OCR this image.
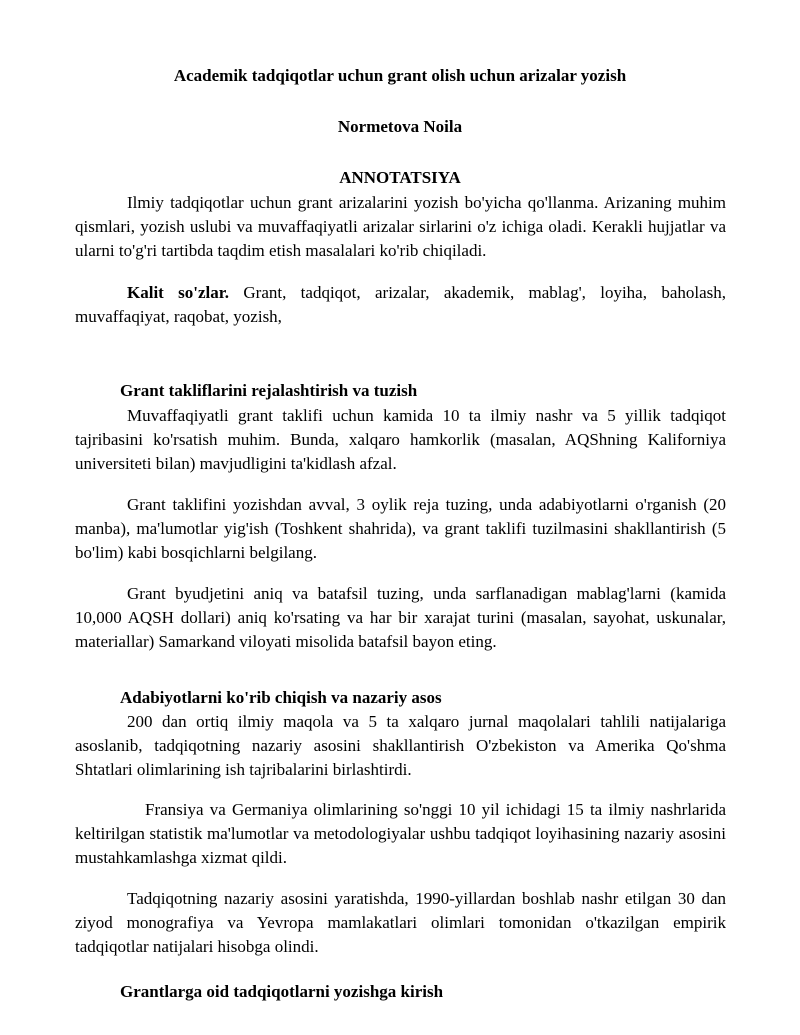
Academik tadqiqotlar uchun grant olish uchun arizalar yozish

Normetova Noila

ANNOTATSIYA

Ilmiy tadqiqotlar uchun grant arizalarini yozish bo'yicha qo'llanma. Arizaning muhim qismlari, yozish uslubi va muvaffaqiyatli arizalar sirlarini o'z ichiga oladi. Kerakli hujjatlar va ularni to'g'ri tartibda taqdim etish masalalari ko'rib chiqiladi.

Kalit so'zlar. Grant, tadqiqot, arizalar, akademik, mablag', loyiha, baholash, muvaffaqiyat, raqobat, yozish,

Grant takliflarini rejalashtirish va tuzish

Muvaffaqiyatli grant taklifi uchun kamida 10 ta ilmiy nashr va 5 yillik tadqiqot tajribasini ko'rsatish muhim. Bunda, xalqaro hamkorlik (masalan, AQShning Kaliforniya universiteti bilan) mavjudligini ta'kidlash afzal.

Grant taklifini yozishdan avval, 3 oylik reja tuzing, unda adabiyotlarni o'rganish (20 manba), ma'lumotlar yig'ish (Toshkent shahrida), va grant taklifi tuzilmasini shakllantirish (5 bo'lim) kabi bosqichlarni belgilang.

Grant byudjetini aniq va batafsil tuzing, unda sarflanadigan mablag'larni (kamida 10,000 AQSH dollari) aniq ko'rsating va har bir xarajat turini (masalan, sayohat, uskunalar, materiallar) Samarkand viloyati misolida batafsil bayon eting.

Adabiyotlarni ko'rib chiqish va nazariy asos

200 dan ortiq ilmiy maqola va 5 ta xalqaro jurnal maqolalari tahlili natijalariga asoslanib, tadqiqotning nazariy asosini shakllantirish O'zbekiston va Amerika Qo'shma Shtatlari olimlarining ish tajribalarini birlashtirdi.

Fransiya va Germaniya olimlarining so'nggi 10 yil ichidagi 15 ta ilmiy nashrlarida keltirilgan statistik ma'lumotlar va metodologiyalar ushbu tadqiqot loyihasining nazariy asosini mustahkamlashga xizmat qildi.

Tadqiqotning nazariy asosini yaratishda, 1990-yillardan boshlab nashr etilgan 30 dan ziyod monografiya va Yevropa mamlakatlari olimlari tomonidan o'tkazilgan empirik tadqiqotlar natijalari hisobga olindi.

Grantlarga oid tadqiqotlarni yozishga kirish
